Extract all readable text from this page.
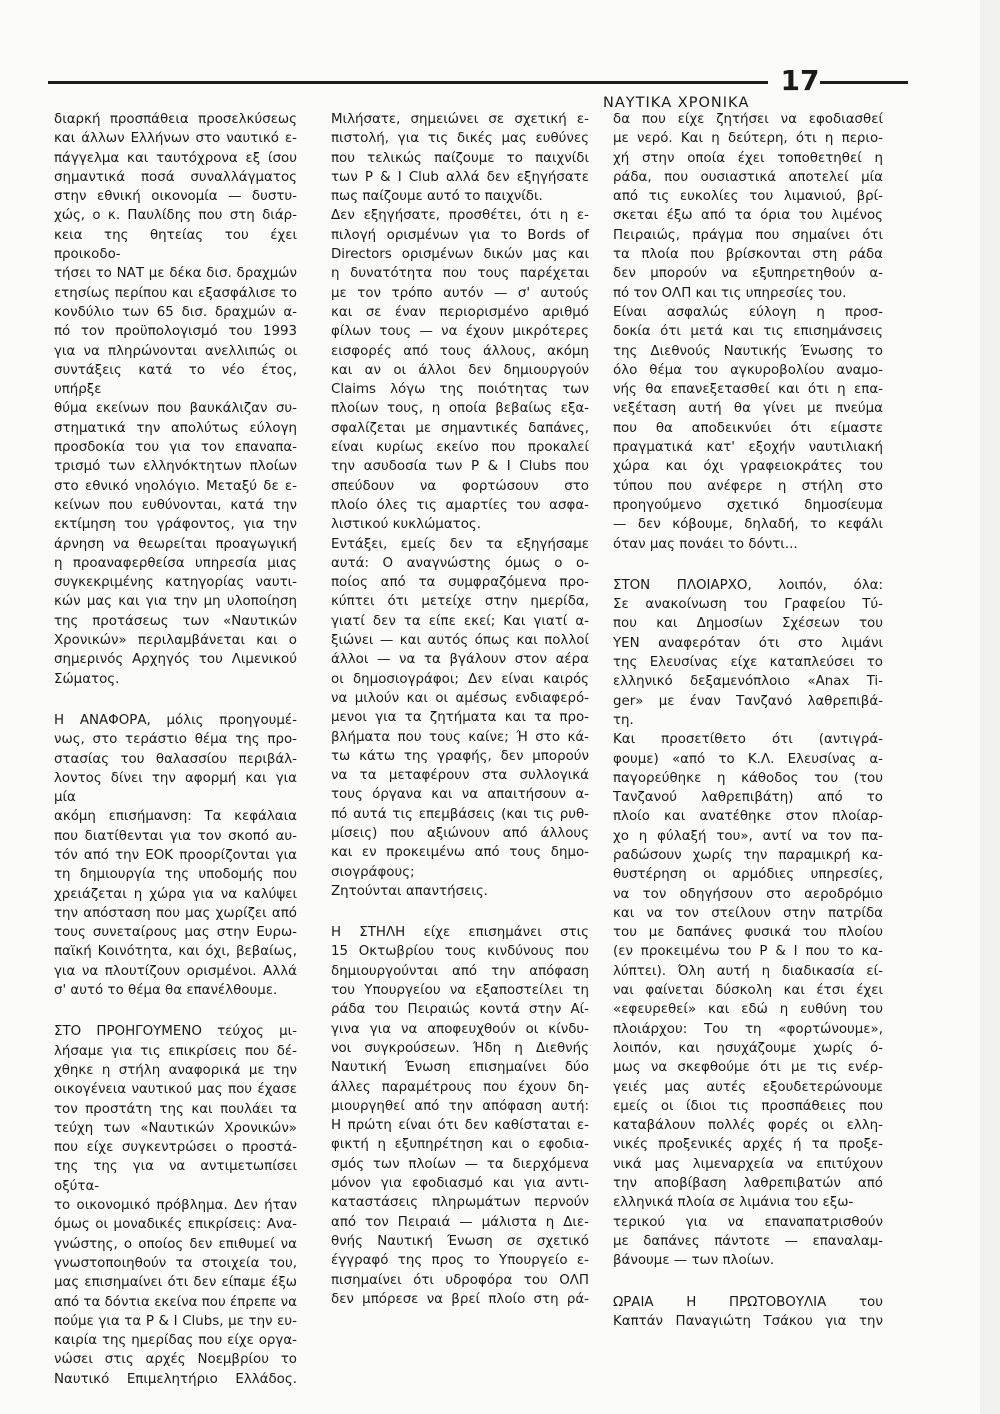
17
ΝΑΥΤΙΚΑ ΧΡΟΝΙΚΑ

διαρκή προσπάθεια προσελκύσεως

και άλλων Ελλήνων στο ναυτικό ε-

πάγγελμα και ταυτόχρονα εξ ίσου

σημαντικά ποσά συναλλάγματος

στην εθνική οικονομία — δυστυ-

χώς, ο κ. Παυλίδης που στη διάρ-

κεια της θητείας του έχει προικοδο-

τήσει το ΝΑΤ με δέκα δισ. δραχμών

ετησίως περίπου και εξασφάλισε το

κονδύλιο των 65 δισ. δραχμών α-

πό τον προϋπολογισμό του 1993

για να πληρώνονται ανελλιπώς οι

συντάξεις κατά το νέο έτος, υπήρξε

θύμα εκείνων που βαυκάλιζαν συ-

στηματικά την απολύτως εύλογη

προσδοκία του για τον επαναπα-

τρισμό των ελληνόκτητων πλοίων

στο εθνικό νηολόγιο. Μεταξύ δε ε-

κείνων που ευθύνονται, κατά την

εκτίμηση του γράφοντος, για την

άρνηση να θεωρείται προαγωγική

η προαναφερθείσα υπηρεσία μιας

συγκεκριμένης κατηγορίας ναυτι-

κών μας και για την μη υλοποίηση

της προτάσεως των «Ναυτικών

Χρονικών» περιλαμβάνεται και ο

σημερινός Αρχηγός του Λιμενικού

Σώματος.

Η ΑΝΑΦΟΡΑ, μόλις προηγουμέ-

νως, στο τεράστιο θέμα της προ-

στασίας του θαλασσίου περιβάλ-

λοντος δίνει την αφορμή και για μία

ακόμη επισήμανση: Τα κεφάλαια

που διατίθενται για τον σκοπό αυ-

τόν από την ΕΟΚ προορίζονται για

τη δημιουργία της υποδομής που

χρειάζεται η χώρα για να καλύψει

την απόσταση που μας χωρίζει από

τους συνεταίρους μας στην Ευρω-

παϊκή Κοινότητα, και όχι, βεβαίως,

για να πλουτίζουν ορισμένοι. Αλλά

σ' αυτό το θέμα θα επανέλθουμε.

ΣΤΟ ΠΡΟΗΓΟΥΜΕΝΟ τεύχος μι-

λήσαμε για τις επικρίσεις που δέ-

χθηκε η στήλη αναφορικά με την

οικογένεια ναυτικού μας που έχασε

τον προστάτη της και πουλάει τα

τεύχη των «Ναυτικών Χρονικών»

που είχε συγκεντρώσει ο προστά-

της της για να αντιμετωπίσει οξύτα-

το οικονομικό πρόβλημα. Δεν ήταν

όμως οι μοναδικές επικρίσεις: Ανα-

γνώστης, ο οποίος δεν επιθυμεί να

γνωστοποιηθούν τα στοιχεία του,

μας επισημαίνει ότι δεν είπαμε έξω

από τα δόντια εκείνα που έπρεπε να

πούμε για τα P & I Clubs, με την ευ-

καιρία της ημερίδας που είχε οργα-

νώσει στις αρχές Νοεμβρίου το

Ναυτικό Επιμελητήριο Ελλάδος.

Μιλήσατε, σημειώνει σε σχετική ε-

πιστολή, για τις δικές μας ευθύνες

που τελικώς παίζουμε το παιχνίδι

των P & I Club αλλά δεν εξηγήσατε

πως παίζουμε αυτό το παιχνίδι.

Δεν εξηγήσατε, προσθέτει, ότι η ε-

πιλογή ορισμένων για το Bords of

Directors ορισμένων δικών μας και

η δυνατότητα που τους παρέχεται

με τον τρόπο αυτόν — σ' αυτούς

και σε έναν περιορισμένο αριθμό

φίλων τους — να έχουν μικρότερες

εισφορές από τους άλλους, ακόμη

και αν οι άλλοι δεν δημιουργούν

Claims λόγω της ποιότητας των

πλοίων τους, η οποία βεβαίως εξα-

σφαλίζεται με σημαντικές δαπάνες,

είναι κυρίως εκείνο που προκαλεί

την ασυδοσία των P & I Clubs που

σπεύδουν να φορτώσουν στο

πλοίο όλες τις αμαρτίες του ασφα-

λιστικού κυκλώματος.

Εντάξει, εμείς δεν τα εξηγήσαμε

αυτά: Ο αναγνώστης όμως ο ο-

ποίος από τα συμφραζόμενα προ-

κύπτει ότι μετείχε στην ημερίδα,

γιατί δεν τα είπε εκεί; Και γιατί α-

ξιώνει — και αυτός όπως και πολλοί

άλλοι — να τα βγάλουν στον αέρα

οι δημοσιογράφοι; Δεν είναι καιρός

να μιλούν και οι αμέσως ενδιαφερό-

μενοι για τα ζητήματα και τα προ-

βλήματα που τους καίνε; Ή στο κά-

τω κάτω της γραφής, δεν μπορούν

να τα μεταφέρουν στα συλλογικά

τους όργανα και να απαιτήσουν α-

πό αυτά τις επεμβάσεις (και τις ρυθ-

μίσεις) που αξιώνουν από άλλους

και εν προκειμένω από τους δημο-

σιογράφους;

Ζητούνται απαντήσεις.

Η ΣΤΗΛΗ είχε επισημάνει στις

15 Οκτωβρίου τους κινδύνους που

δημιουργούνται από την απόφαση

του Υπουργείου να εξαποστείλει τη

ράδα του Πειραιώς κοντά στην Αί-

γινα για να αποφευχθούν οι κίνδυ-

νοι συγκρούσεων. Ήδη η Διεθνής

Ναυτική Ένωση επισημαίνει δύο

άλλες παραμέτρους που έχουν δη-

μιουργηθεί από την απόφαση αυτή:

Η πρώτη είναι ότι δεν καθίσταται ε-

φικτή η εξυπηρέτηση και ο εφοδια-

σμός των πλοίων — τα διερχόμενα

μόνον για εφοδιασμό και για αντι-

καταστάσεις πληρωμάτων περνούν

από τον Πειραιά — μάλιστα η Διε-

θνής Ναυτική Ένωση σε σχετικό

έγγραφό της προς το Υπουργείο ε-

πισημαίνει ότι υδροφόρα του ΟΛΠ

δεν μπόρεσε να βρεί πλοίο στη ρά-

δα που είχε ζητήσει να εφοδιασθεί

με νερό. Και η δεύτερη, ότι η περιο-

χή στην οποία έχει τοποθετηθεί η

ράδα, που ουσιαστικά αποτελεί μία

από τις ευκολίες του λιμανιού, βρί-

σκεται έξω από τα όρια του λιμένος

Πειραιώς, πράγμα που σημαίνει ότι

τα πλοία που βρίσκονται στη ράδα

δεν μπορούν να εξυπηρετηθούν α-

πό τον ΟΛΠ και τις υπηρεσίες του.

Είναι ασφαλώς εύλογη η προσ-

δοκία ότι μετά και τις επισημάνσεις

της Διεθνούς Ναυτικής Ένωσης το

όλο θέμα του αγκυροβολίου αναμο-

νής θα επανεξετασθεί και ότι η επα-

νεξέταση αυτή θα γίνει με πνεύμα

που θα αποδεικνύει ότι είμαστε

πραγματικά κατ' εξοχήν ναυτιλιακή

χώρα και όχι γραφειοκράτες του

τύπου που ανέφερε η στήλη στο

προηγούμενο σχετικό δημοσίευμα

— δεν κόβουμε, δηλαδή, το κεφάλι

όταν μας πονάει το δόντι...

ΣΤΟΝ ΠΛΟΙΑΡΧΟ, λοιπόν, όλα:

Σε ανακοίνωση του Γραφείου Τύ-

που και Δημοσίων Σχέσεων του

ΥΕΝ αναφερόταν ότι στο λιμάνι

της Ελευσίνας είχε καταπλεύσει το

ελληνικό δεξαμενόπλοιο «Anax Ti-

ger» με έναν Τανζανό λαθρεπιβά-

τη.

Και προσετίθετο ότι (αντιγρά-

φουμε) «από το Κ.Λ. Ελευσίνας α-

παγορεύθηκε η κάθοδος του (του

Τανζανού λαθρεπιβάτη) από το

πλοίο και ανατέθηκε στον πλοίαρ-

χο η φύλαξή του», αντί να τον πα-

ραδώσουν χωρίς την παραμικρή κα-

θυστέρηση οι αρμόδιες υπηρεσίες,

να τον οδηγήσουν στο αεροδρόμιο

και να τον στείλουν στην πατρίδα

του με δαπάνες φυσικά του πλοίου

(εν προκειμένω του P & I που το κα-

λύπτει). Όλη αυτή η διαδικασία εί-

ναι φαίνεται δύσκολη και έτσι έχει

«εφευρεθεί» και εδώ η ευθύνη του

πλοιάρχου: Του τη «φορτώνουμε»,

λοιπόν, και ησυχάζουμε χωρίς ό-

μως να σκεφθούμε ότι με τις ενέρ-

γειές μας αυτές εξουδετερώνουμε

εμείς οι ίδιοι τις προσπάθειες που

καταβάλουν πολλές φορές οι ελλη-

νικές προξενικές αρχές ή τα προξε-

νικά μας λιμεναρχεία να επιτύχουν

την αποβίβαση λαθρεπιβατών από

ελληνικά πλοία σε λιμάνια του εξω-

τερικού για να επαναπατρισθούν

με δαπάνες πάντοτε — επαναλαμ-

βάνουμε — των πλοίων.

ΩΡΑΙΑ Η ΠΡΩΤΟΒΟΥΛΙΑ του

Καπτάν Παναγιώτη Τσάκου για την
